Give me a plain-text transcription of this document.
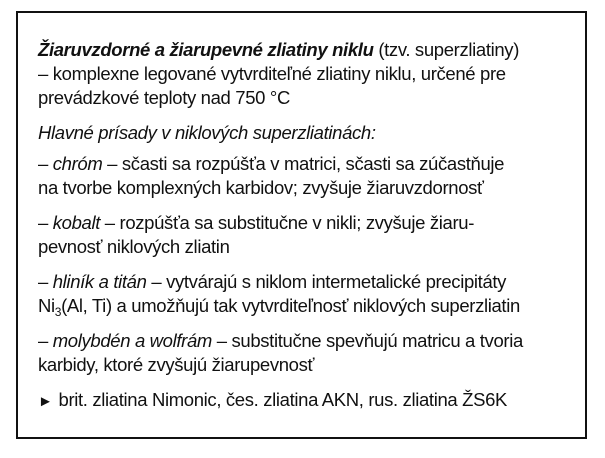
Žiaruvzdorné a žiarupevné zliatiny niklu (tzv. superzliatiny)
– komplexne legované vytvrditeľné zliatiny niklu, určené pre
prevádzkové teploty nad 750 °C
Hlavné prísady v niklových superzliatinách:
– chróm – sčasti sa rozpúšťa v matrici, sčasti sa zúčastňuje
na tvorbe komplexných karbidov; zvyšuje žiaruvzdornosť
– kobalt – rozpúšťa sa substitučne v nikli; zvyšuje žiaru-
pevnosť niklových zliatin
– hliník a titán – vytvárajú s niklom intermetalické precipitáty
$Ni_3(Al$, Ti) a umožňujú tak vytvrditeľnosť niklových superzliatin
– molybdén a wolfrám – substitučne spevňujú matricu a tvoria
karbidy, ktoré zvyšujú žiarupevnosť
► brit. zliatina Nimonic, čes. zliatina AKN, rus. zliatina ŽS6K
